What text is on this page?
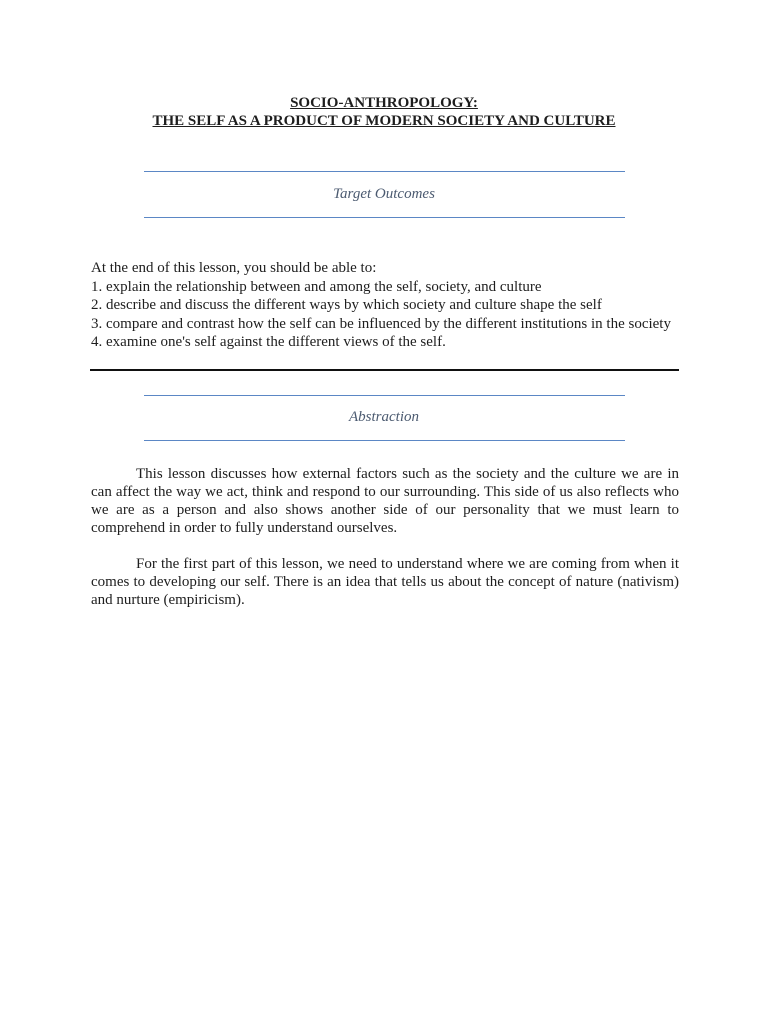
SOCIO-ANTHROPOLOGY:
THE SELF AS A PRODUCT OF MODERN SOCIETY AND CULTURE
Target Outcomes
At the end of this lesson, you should be able to:
1. explain the relationship between and among the self, society, and culture
2. describe and discuss the different ways by which society and culture shape the self
3. compare and contrast how the self can be influenced by the different institutions in the society
4. examine one's self against the different views of the self.
Abstraction
This lesson discusses how external factors such as the society and the culture we are in can affect the way we act, think and respond to our surrounding. This side of us also reflects who we are as a person and also shows another side of our personality that we must learn to comprehend in order to fully understand ourselves.
For the first part of this lesson, we need to understand where we are coming from when it comes to developing our self. There is an idea that tells us about the concept of nature (nativism) and nurture (empiricism).
